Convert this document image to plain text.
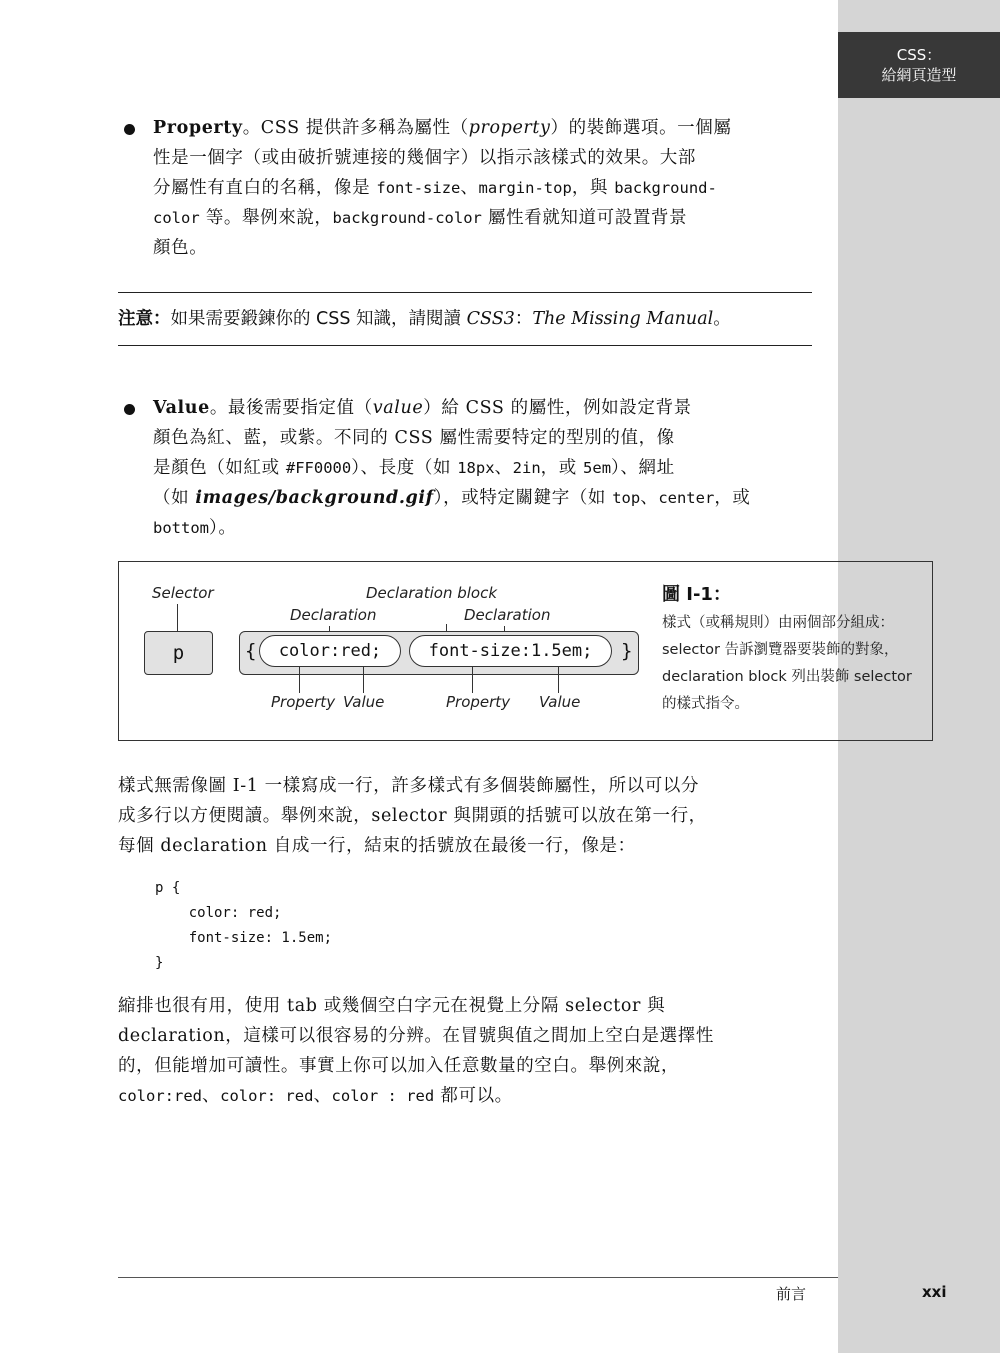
CSS：
給網頁造型
Property。CSS 提供許多稱為屬性（property）的裝飾選項。一個屬
性是一個字（或由破折號連接的幾個字）以指示該樣式的效果。大部
分屬性有直白的名稱，像是 font-size、margin-top，與 background-
color 等。舉例來說，background-color 屬性看就知道可設置背景
顏色。
注意：如果需要鍛鍊你的 CSS 知識，請閱讀 CSS3：The Missing Manual。
Value。最後需要指定值（value）給 CSS 的屬性，例如設定背景
顏色為紅、藍，或紫。不同的 CSS 屬性需要特定的型別的值，像
是顏色（如紅或 #FF0000）、長度（如 18px、2in，或 5em）、網址
（如 images/background.gif），或特定關鍵字（如 top、center，或
bottom）。
Selector	Declaration block
Declaration	Declaration
p	{	color:red;	font-size:1.5em;	}
Property Value	Property Value
圖 I-1：
樣式（或稱規則）由兩個部分組成：selector 告訴瀏覽器要裝飾的對象，declaration block 列出裝飾 selector 的樣式指令。
樣式無需像圖 I-1 一樣寫成一行，許多樣式有多個裝飾屬性，所以可以分
成多行以方便閱讀。舉例來說，selector 與開頭的括號可以放在第一行，
每個 declaration 自成一行，結束的括號放在最後一行，像是：
p {
color: red;
font-size: 1.5em;
}
縮排也很有用，使用 tab 或幾個空白字元在視覺上分隔 selector 與
declaration，這樣可以很容易的分辨。在冒號與值之間加上空白是選擇性
的，但能增加可讀性。事實上你可以加入任意數量的空白。舉例來說，
color:red、color: red、color : red 都可以。
前言	xxi
